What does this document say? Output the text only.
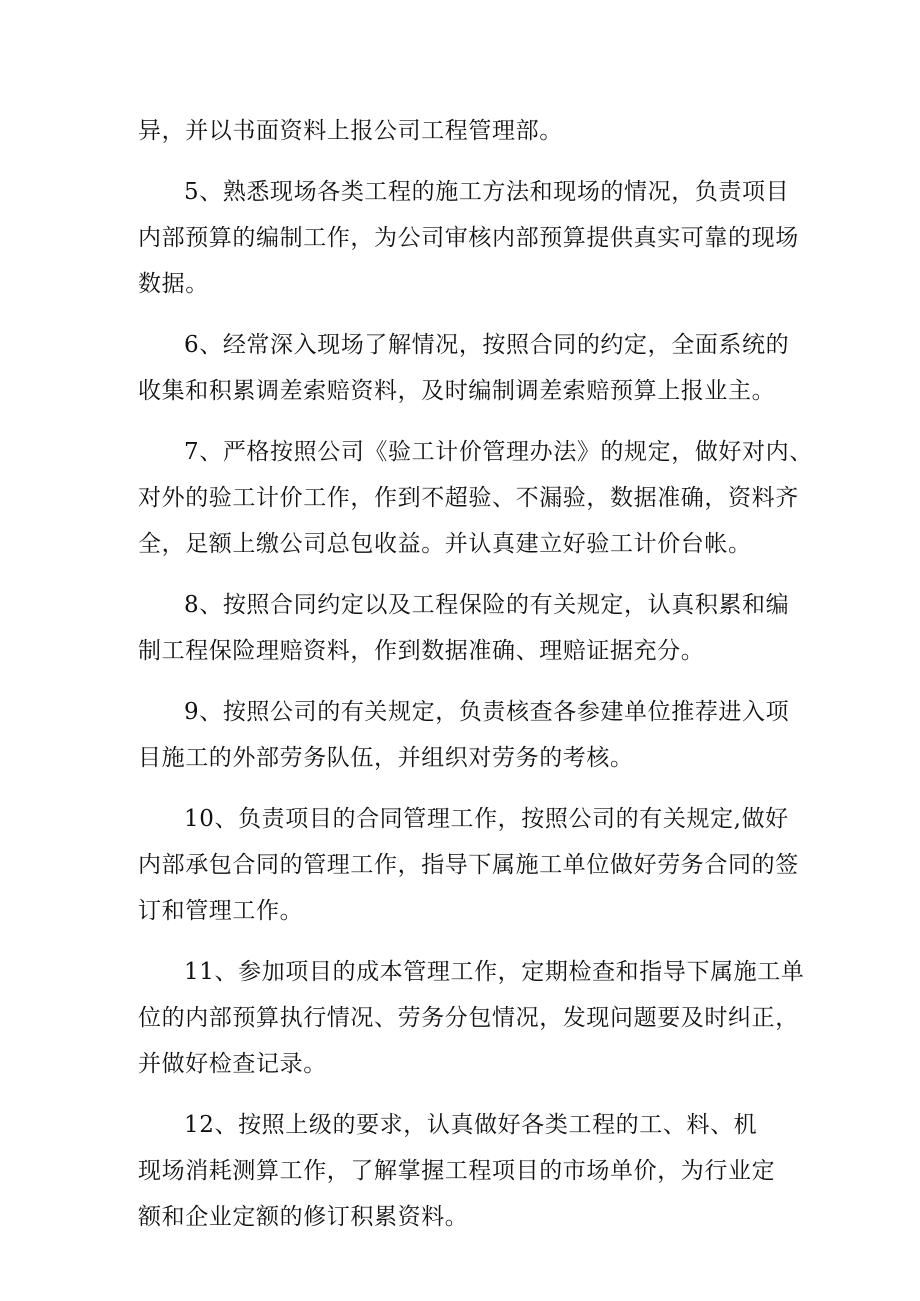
异，并以书面资料上报公司工程管理部。
5、熟悉现场各类工程的施工方法和现场的情况，负责项目
内部预算的编制工作，为公司审核内部预算提供真实可靠的现场
数据。
6、经常深入现场了解情况，按照合同的约定，全面系统的
收集和积累调差索赔资料，及时编制调差索赔预算上报业主。
7、严格按照公司《验工计价管理办法》的规定，做好对内、
对外的验工计价工作，作到不超验、不漏验，数据准确，资料齐
全，足额上缴公司总包收益。并认真建立好验工计价台帐。
8、按照合同约定以及工程保险的有关规定，认真积累和编
制工程保险理赔资料，作到数据准确、理赔证据充分。
9、按照公司的有关规定，负责核查各参建单位推荐进入项
目施工的外部劳务队伍，并组织对劳务的考核。
10、负责项目的合同管理工作，按照公司的有关规定,做好
内部承包合同的管理工作，指导下属施工单位做好劳务合同的签
订和管理工作。
11、参加项目的成本管理工作，定期检查和指导下属施工单
位的内部预算执行情况、劳务分包情况，发现问题要及时纠正，
并做好检查记录。
12、按照上级的要求，认真做好各类工程的工、料、机
现场消耗测算工作，了解掌握工程项目的市场单价，为行业定
额和企业定额的修订积累资料。
